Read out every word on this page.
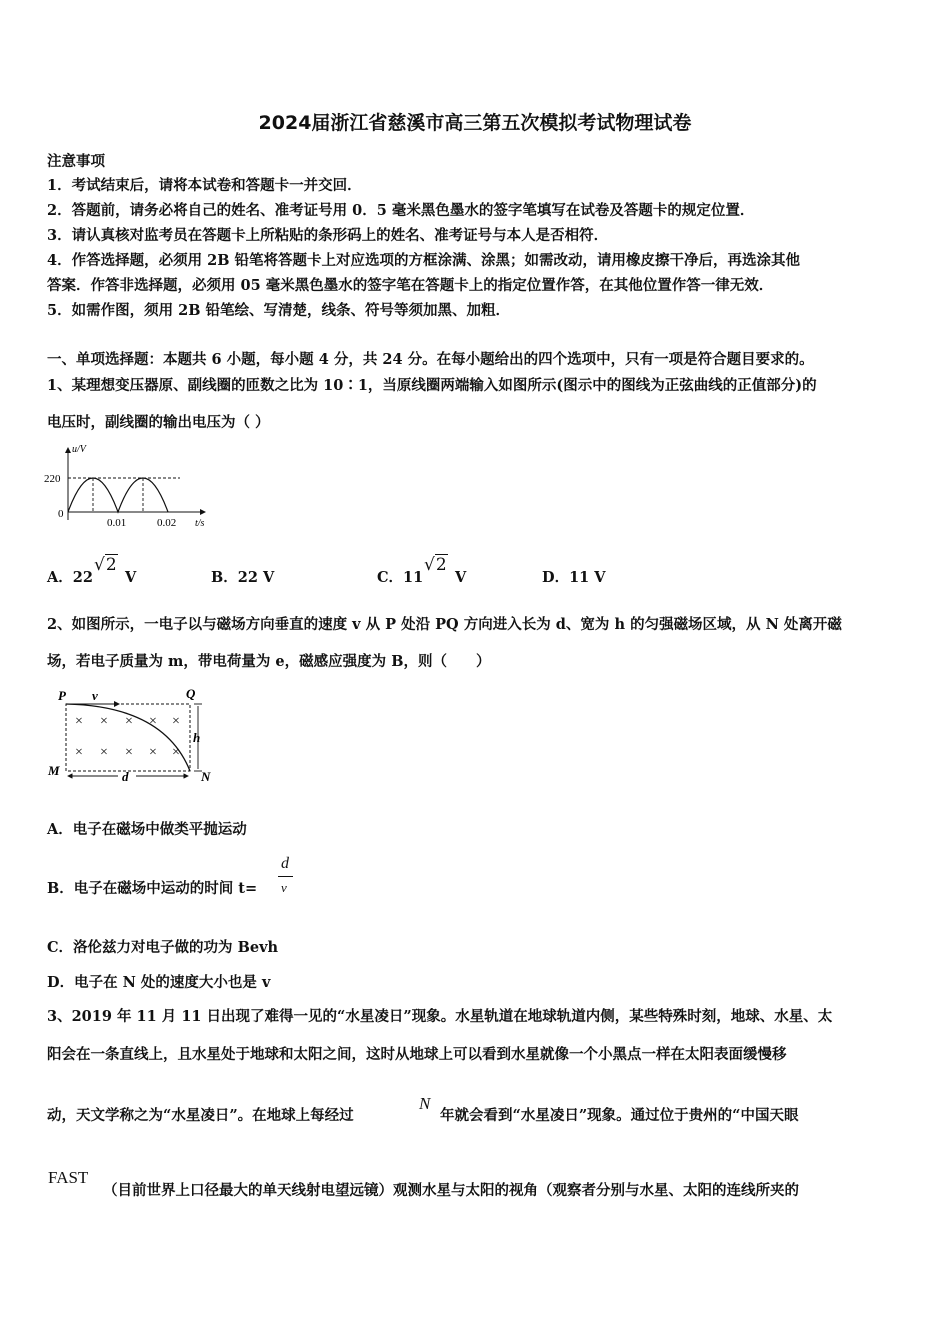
2024届浙江省慈溪市高三第五次模拟考试物理试卷
注意事项
1．考试结束后，请将本试卷和答题卡一并交回．
2．答题前，请务必将自己的姓名、准考证号用 0．5 毫米黑色墨水的签字笔填写在试卷及答题卡的规定位置．
3．请认真核对监考员在答题卡上所粘贴的条形码上的姓名、准考证号与本人是否相符．
4．作答选择题，必须用 2B 铅笔将答题卡上对应选项的方框涂满、涂黑；如需改动，请用橡皮擦干净后，再选涂其他
答案．作答非选择题，必须用 05 毫米黑色墨水的签字笔在答题卡上的指定位置作答，在其他位置作答一律无效．
5．如需作图，须用 2B 铅笔绘、写清楚，线条、符号等须加黑、加粗．
一、单项选择题：本题共 6 小题，每小题 4 分，共 24 分。在每小题给出的四个选项中，只有一项是符合题目要求的。
1、某理想变压器原、副线圈的匝数之比为 10∶1，当原线圈两端输入如图所示(图示中的图线为正弦曲线的正值部分)的
电压时，副线圈的输出电压为（ ）
u/V
220
0
0.01	0.02 t/s
A．22
√2
V	B．22 V	C．11
√2
V	D．11 V
2、如图所示，一电子以与磁场方向垂直的速度 v 从 P 处沿 PQ 方向进入长为 d、宽为 h 的匀强磁场区域，从 N 处离开磁
场，若电子质量为 m，带电荷量为 e，磁感应强度为 B，则（　　）
× × × × ×
× × × × ×
P v	Q
h
M	d	N
A．电子在磁场中做类平抛运动
B．电子在磁场中运动的时间 t=
d
v
C．洛伦兹力对电子做的功为 Bevh
D．电子在 N 处的速度大小也是 v
3、2019 年 11 月 11 日出现了难得一见的“水星凌日”现象。水星轨道在地球轨道内侧，某些特殊时刻，地球、水星、太
阳会在一条直线上，且水星处于地球和太阳之间，这时从地球上可以看到水星就像一个小黑点一样在太阳表面缓慢移
动，天文学称之为“水星凌日”。在地球上每经过
N
年就会看到“水星凌日”现象。通过位于贵州的“中国天眼
FAST
（目前世界上口径最大的单天线射电望远镜）观测水星与太阳的视角（观察者分别与水星、太阳的连线所夹的
